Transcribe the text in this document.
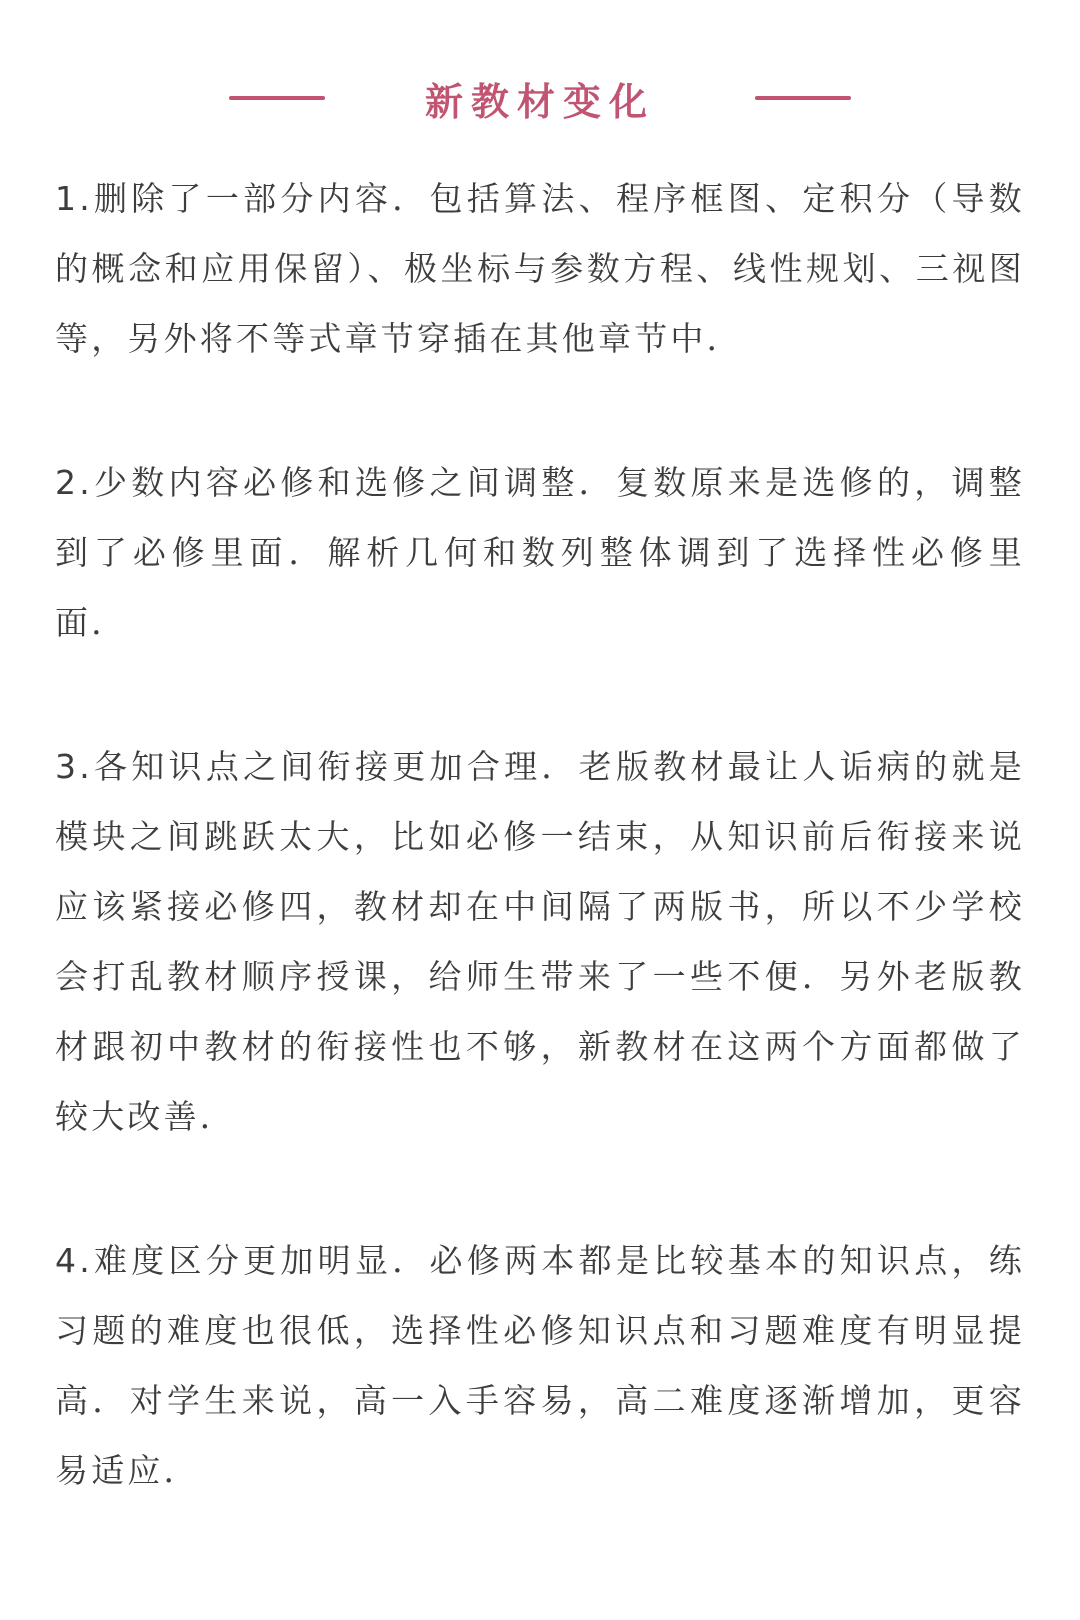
新教材变化

1.删除了一部分内容．包括算法、程序框图、定积分（导数的概念和应用保留）、极坐标与参数方程、线性规划、三视图等，另外将不等式章节穿插在其他章节中．

2.少数内容必修和选修之间调整．复数原来是选修的，调整到了必修里面．解析几何和数列整体调到了选择性必修里面．

3.各知识点之间衔接更加合理．老版教材最让人诟病的就是模块之间跳跃太大，比如必修一结束，从知识前后衔接来说应该紧接必修四，教材却在中间隔了两版书，所以不少学校会打乱教材顺序授课，给师生带来了一些不便．另外老版教材跟初中教材的衔接性也不够，新教材在这两个方面都做了较大改善．

4.难度区分更加明显．必修两本都是比较基本的知识点，练习题的难度也很低，选择性必修知识点和习题难度有明显提高．对学生来说，高一入手容易，高二难度逐渐增加，更容易适应．
